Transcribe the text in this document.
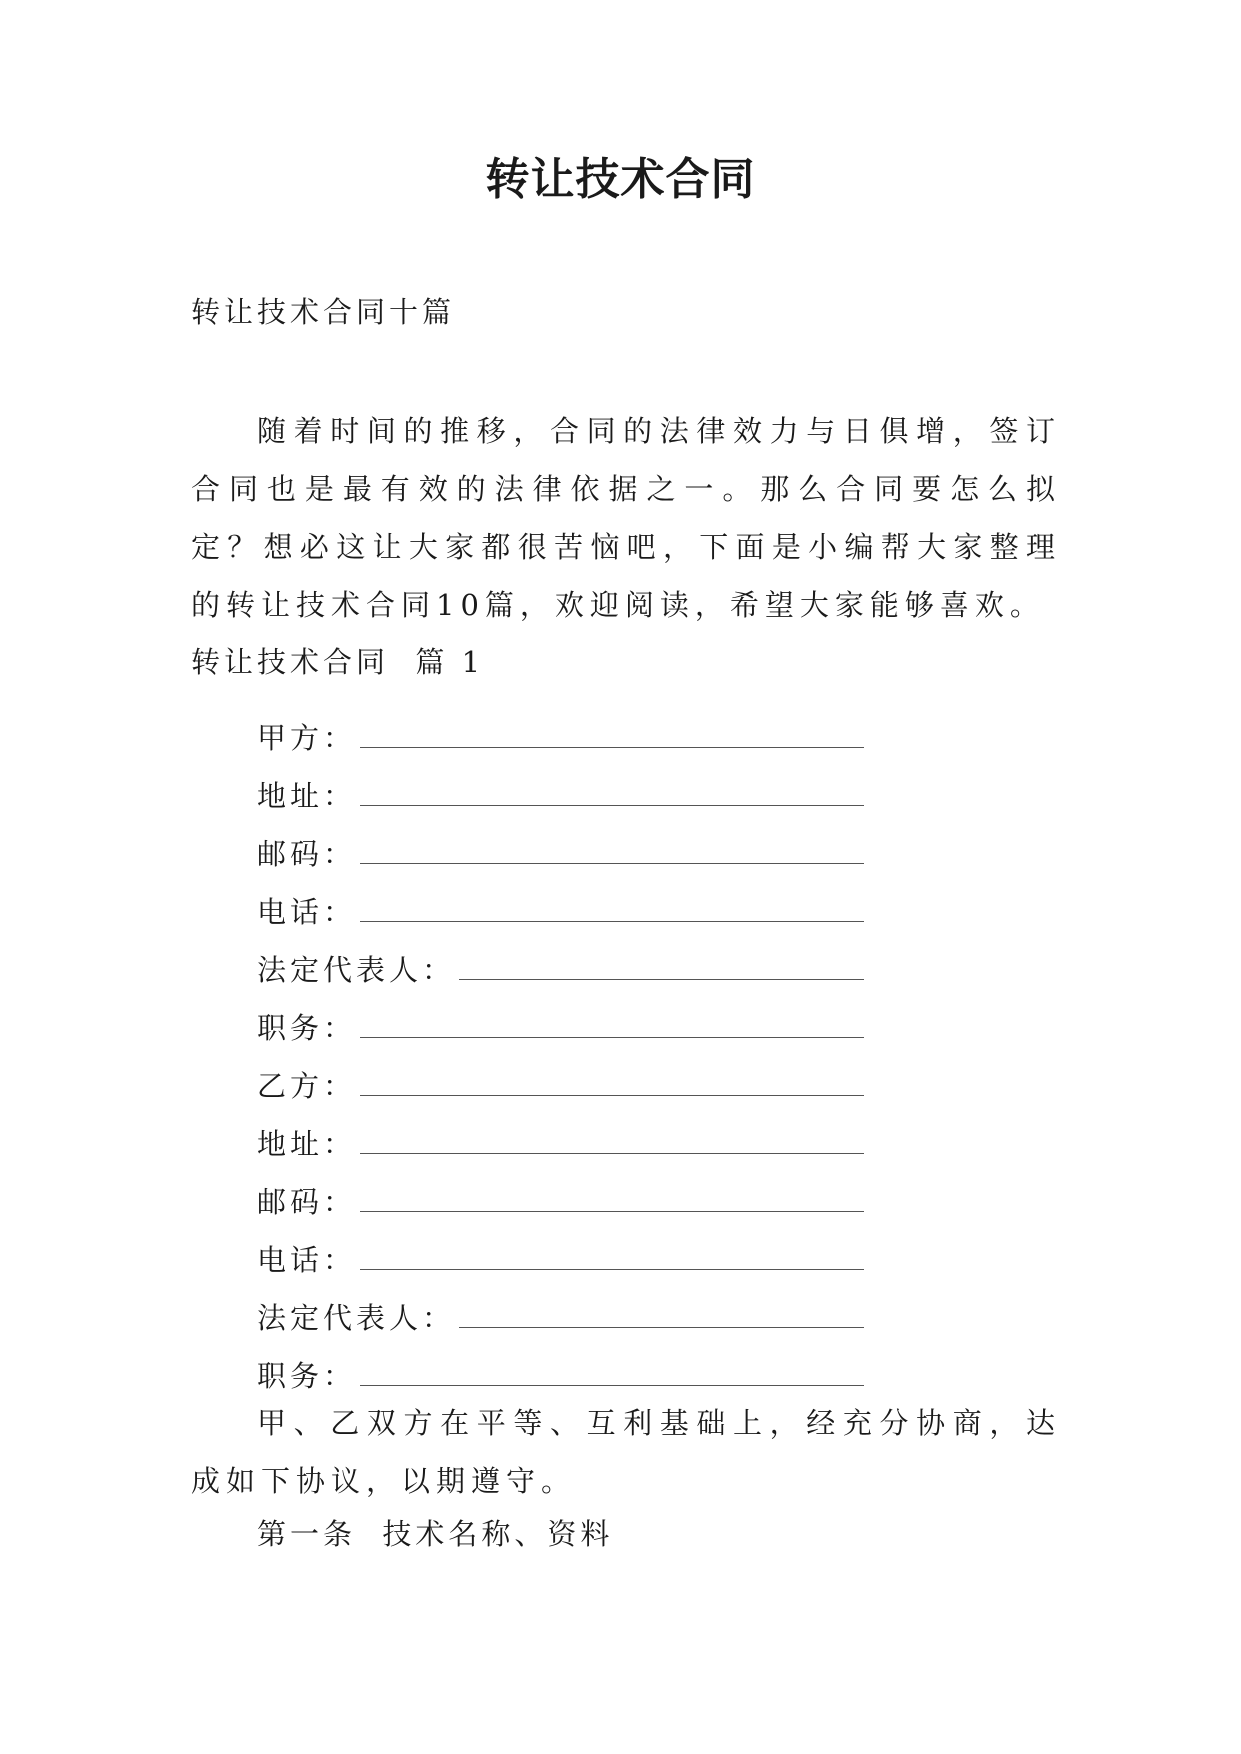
转让技术合同

转让技术合同十篇

随着时间的推移，合同的法律效力与日俱增，签订合同也是最有效的法律依据之一。那么合同要怎么拟定？想必这让大家都很苦恼吧，下面是小编帮大家整理的转让技术合同10篇，欢迎阅读，希望大家能够喜欢。

转让技术合同  篇 1

甲方：
地址：
邮码：
电话：
法定代表人：
职务：
乙方：
地址：
邮码：
电话：
法定代表人：
职务：

甲、乙双方在平等、互利基础上，经充分协商，达成如下协议，以期遵守。

第一条  技术名称、资料
